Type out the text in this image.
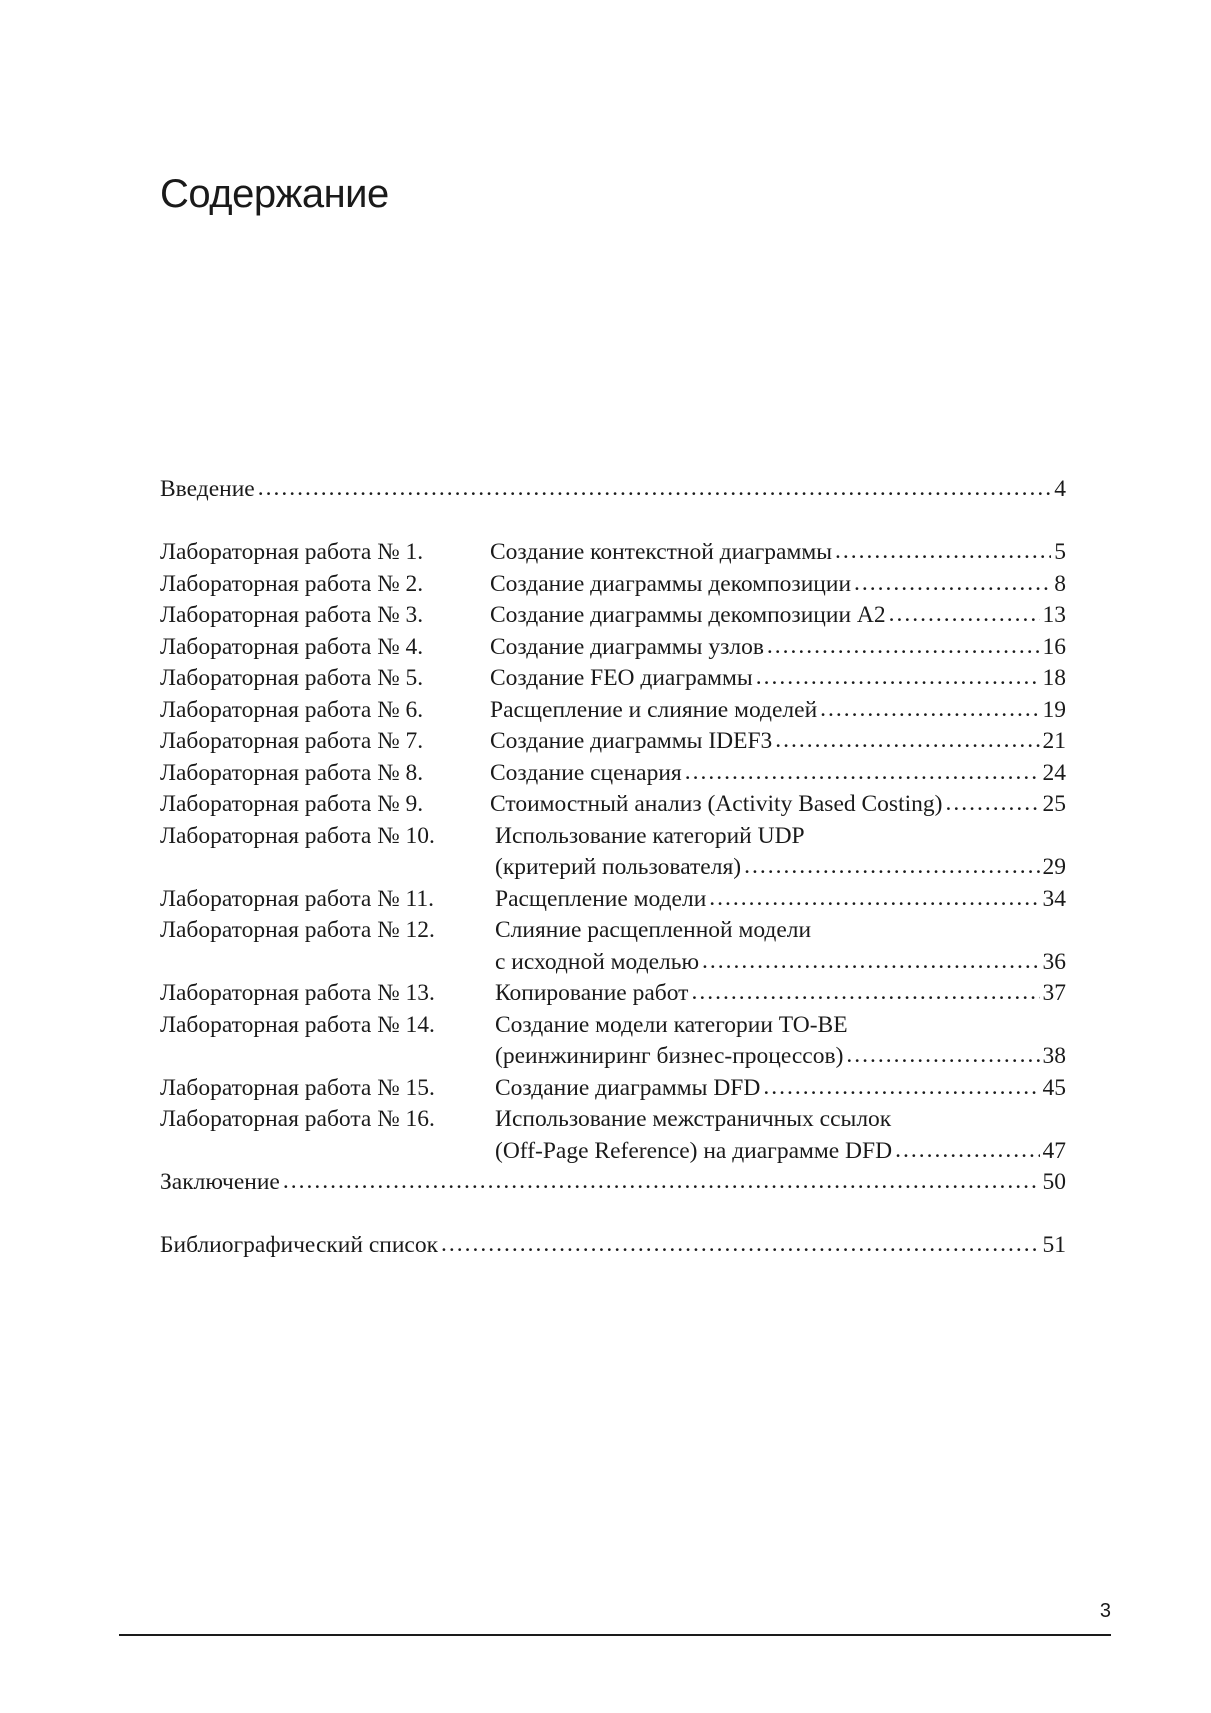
Содержание
Введение .....	4
Лабораторная работа № 1.	Создание контекстной диаграммы .....	5
Лабораторная работа № 2.	Создание диаграммы декомпозиции .....	8
Лабораторная работа № 3.	Создание диаграммы декомпозиции A2 .....	13
Лабораторная работа № 4.	Создание диаграммы узлов .....	16
Лабораторная работа № 5.	Создание FEO диаграммы .....	18
Лабораторная работа № 6.	Расщепление и слияние моделей .....	19
Лабораторная работа № 7.	Создание диаграммы IDEF3 .....	21
Лабораторная работа № 8.	Создание сценария .....	24
Лабораторная работа № 9.	Стоимостный анализ (Activity Based Costing) .....	25
Лабораторная работа № 10.	Использование категорий UDP
(критерий пользователя) .....	29
Лабораторная работа № 11.	Расщепление модели .....	34
Лабораторная работа № 12.	Слияние расщепленной модели
с исходной моделью .....	36
Лабораторная работа № 13.	Копирование работ .....	37
Лабораторная работа № 14.	Создание модели категории TO-BE
(реинжиниринг бизнес-процессов) .....	38
Лабораторная работа № 15.	Создание диаграммы DFD .....	45
Лабораторная работа № 16.	Использование межстраничных ссылок
(Off-Page Reference) на диаграмме DFD .....	47
Заключение .....	50
Библиографический список .....	51
3
